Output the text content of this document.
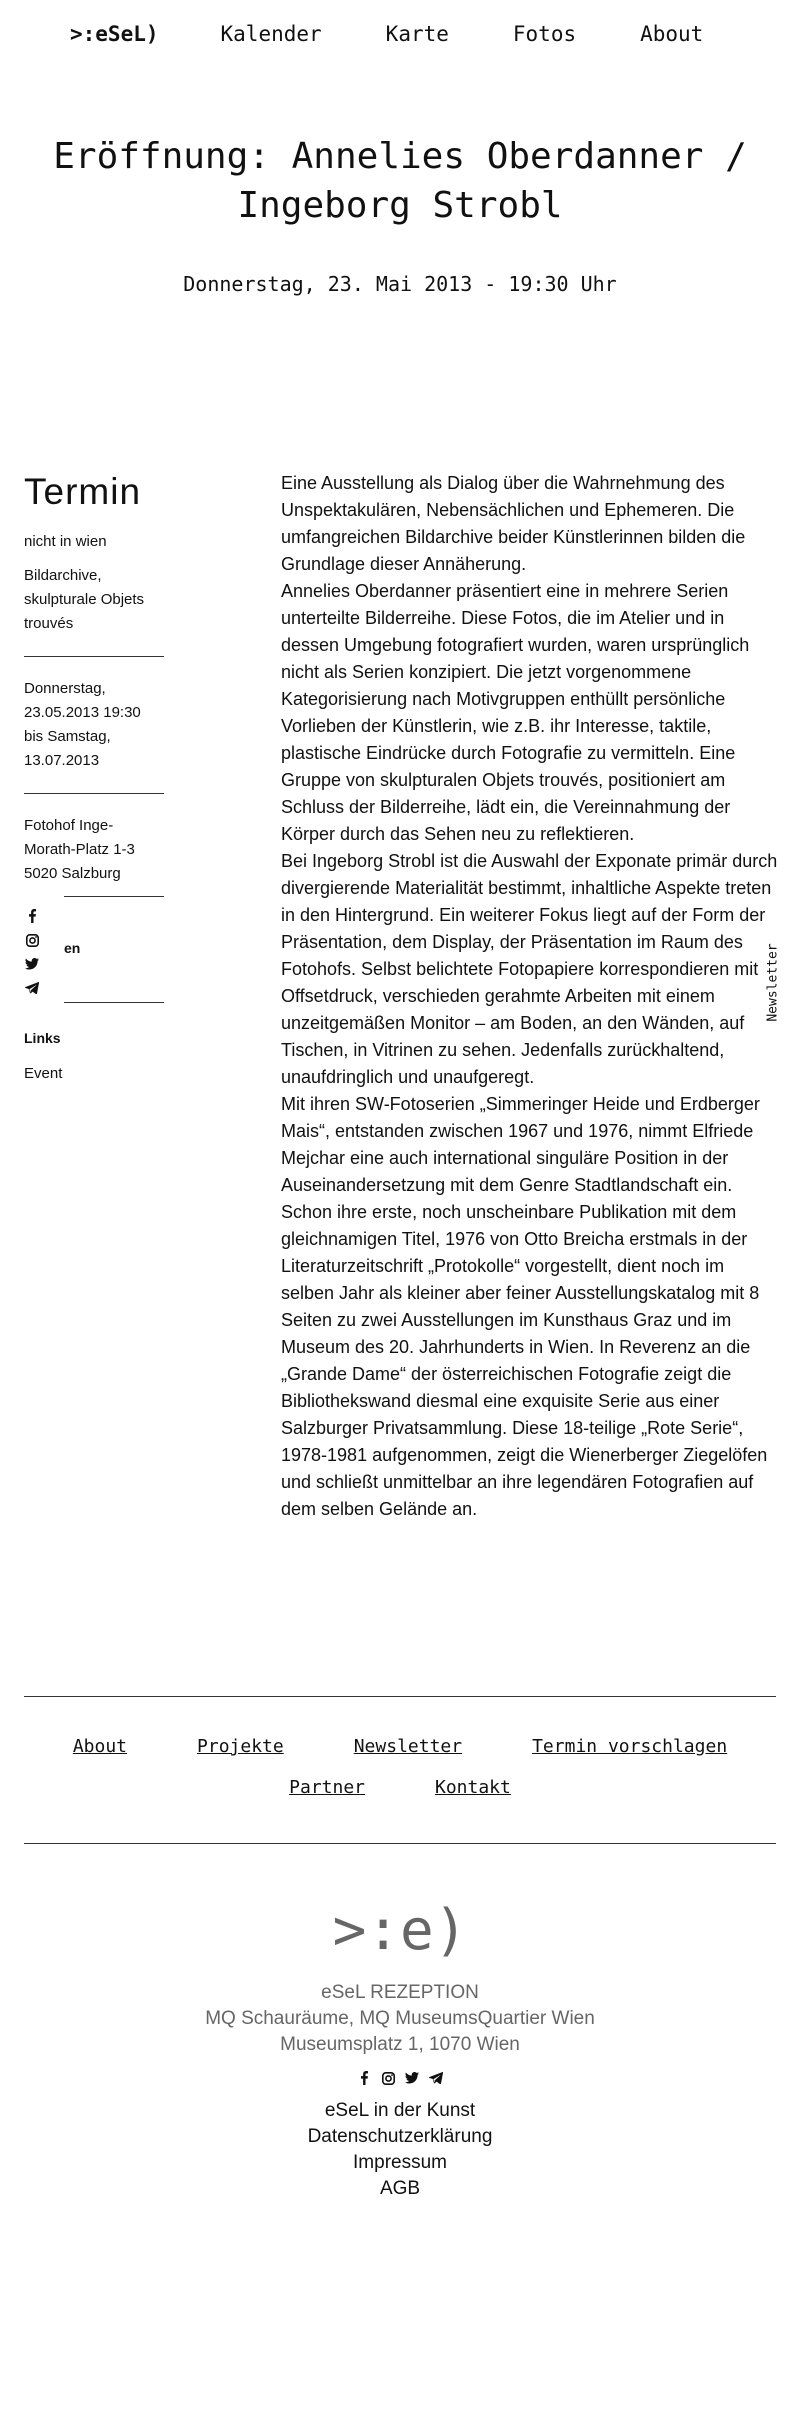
>:eSeL)	Kalender	Karte	Fotos	About
Eröffnung: Annelies Oberdanner /
Ingeborg Strobl
Donnerstag, 23. Mai 2013 - 19:30 Uhr
Termin
nicht in wien
Bildarchive, skulpturale Objets trouvés
Donnerstag, 23.05.2013 19:30 bis Samstag, 13.07.2013
Fotohof Inge-Morath-Platz 1-3
5020 Salzburg
en
Links
Event

Eine Ausstellung als Dialog über die Wahrnehmung des Unspektakulären, Nebensächlichen und Ephemeren. Die umfangreichen Bildarchive beider Künstlerinnen bilden die Grundlage dieser Annäherung.

Annelies Oberdanner präsentiert eine in mehrere Serien unterteilte Bilderreihe. Diese Fotos, die im Atelier und in dessen Umgebung fotografiert wurden, waren ursprünglich nicht als Serien konzipiert. Die jetzt vorgenommene Kategorisierung nach Motivgruppen enthüllt persönliche Vorlieben der Künstlerin, wie z.B. ihr Interesse, taktile, plastische Eindrücke durch Fotografie zu vermitteln. Eine Gruppe von skulpturalen Objets trouvés, positioniert am Schluss der Bilderreihe, lädt ein, die Vereinnahmung der Körper durch das Sehen neu zu reflektieren.

Bei Ingeborg Strobl ist die Auswahl der Exponate primär durch divergierende Materialität bestimmt, inhaltliche Aspekte treten in den Hintergrund. Ein weiterer Fokus liegt auf der Form der Präsentation, dem Display, der Präsentation im Raum des Fotohofs. Selbst belichtete Fotopapiere korrespondieren mit Offsetdruck, verschieden gerahmte Arbeiten mit einem unzeitgemäßen Monitor – am Boden, an den Wänden, auf Tischen, in Vitrinen zu sehen. Jedenfalls zurückhaltend, unaufdringlich und unaufgeregt.

Mit ihren SW-Fotoserien „Simmeringer Heide und Erdberger Mais“, entstanden zwischen 1967 und 1976, nimmt Elfriede Mejchar eine auch international singuläre Position in der Auseinandersetzung mit dem Genre Stadtlandschaft ein. Schon ihre erste, noch unscheinbare Publikation mit dem gleichnamigen Titel, 1976 von Otto Breicha erstmals in der Literaturzeitschrift „Protokolle“ vorgestellt, dient noch im selben Jahr als kleiner aber feiner Ausstellungskatalog mit 8 Seiten zu zwei Ausstellungen im Kunsthaus Graz und im Museum des 20. Jahrhunderts in Wien. In Reverenz an die „Grande Dame“ der österreichischen Fotografie zeigt die Bibliothekswand diesmal eine exquisite Serie aus einer Salzburger Privatsammlung. Diese 18-teilige „Rote Serie“, 1978-1981 aufgenommen, zeigt die Wienerberger Ziegelöfen und schließt unmittelbar an ihre legendären Fotografien auf dem selben Gelände an.

Newsletter
About	Projekte	Newsletter	Termin vorschlagen
Partner	Kontakt
>:e)
eSeL REZEPTION
MQ Schauräume, MQ MuseumsQuartier Wien
Museumsplatz 1, 1070 Wien
eSeL in der Kunst
Datenschutzerklärung
Impressum
AGB
